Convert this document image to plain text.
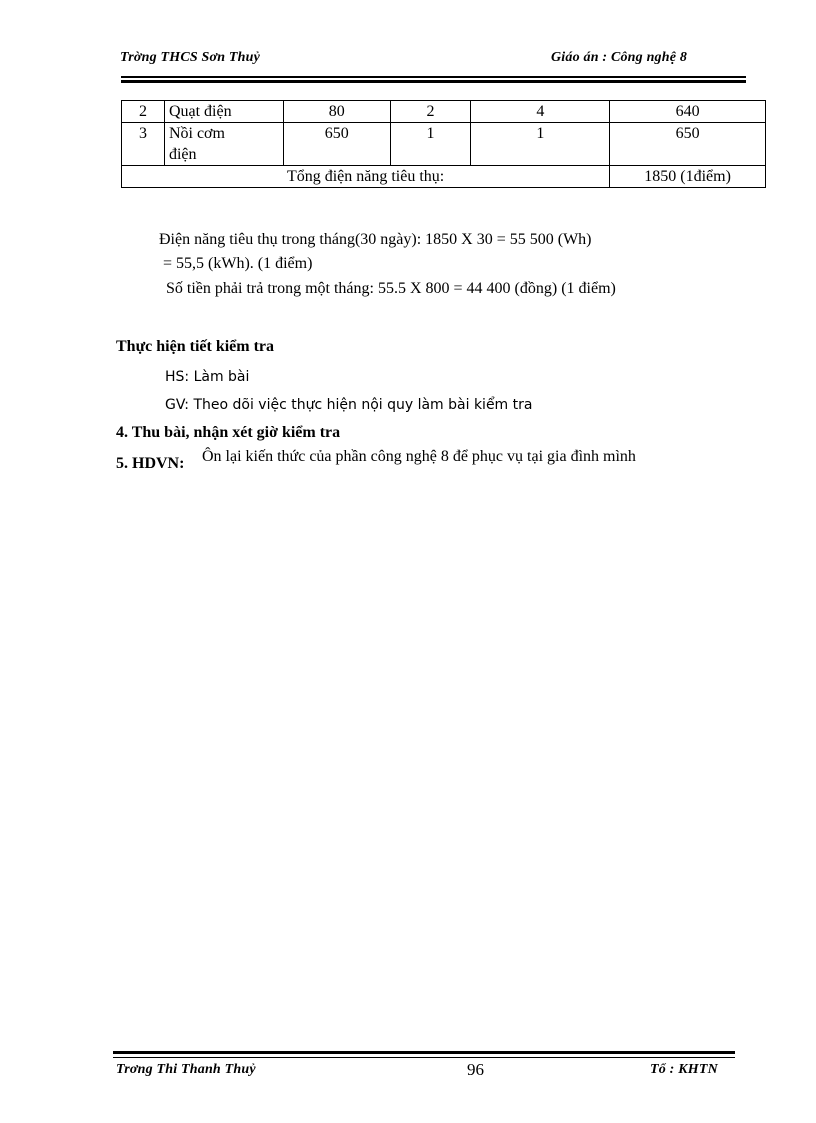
Trờng THCS Sơn Thuỷ	Giáo án : Công nghệ 8
2	Quạt điện	80	2	4	640
3	Nồi cơm điện	650	1	1	650
Tổng điện năng tiêu thụ:					1850 (1điểm)
Điện năng tiêu thụ trong tháng(30 ngày): 1850 X 30 = 55 500 (Wh)
= 55,5 (kWh). (1 điểm)
Số tiền phải trả trong một tháng: 55.5 X 800 = 44 400 (đồng) (1 điểm)
Thực hiện tiết kiểm tra
HS: Làm bài
GV: Theo dõi việc thực hiện nội quy làm bài kiểm tra
4. Thu bài, nhận xét giờ kiểm tra
5. HDVN: Ôn lại kiến thức của phần công nghệ 8 để phục vụ tại gia đình mình
Trơng Thi Thanh Thuỷ	96	Tổ : KHTN
